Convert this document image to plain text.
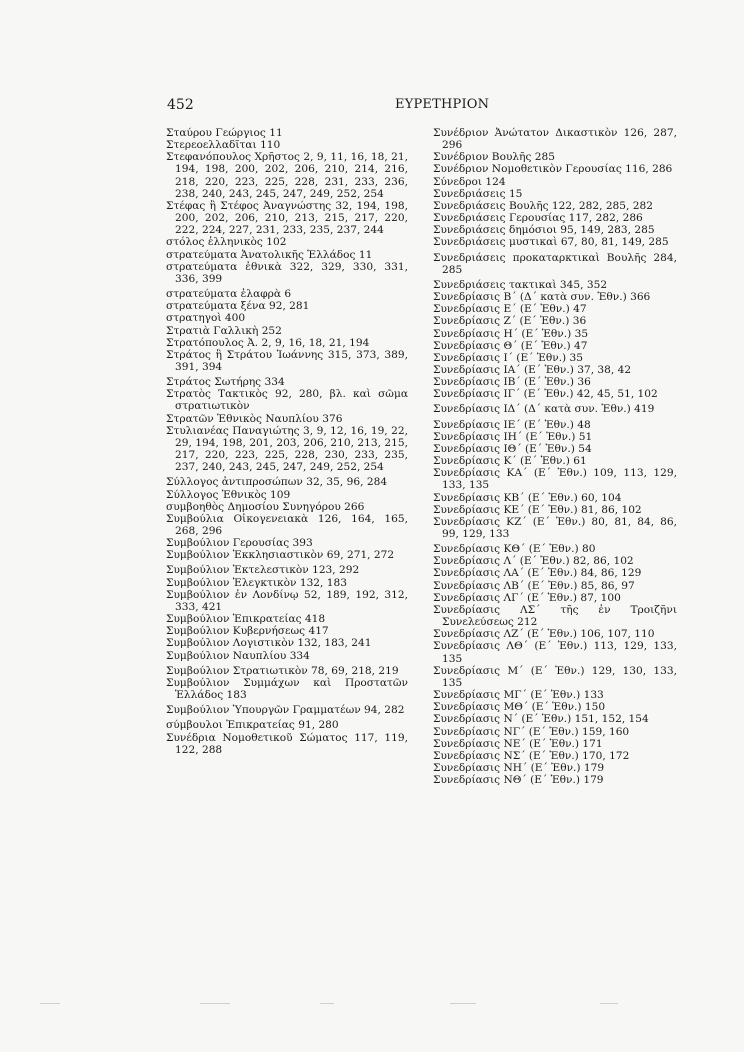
452	ΕΥΡΕΤΗΡΙΟΝ
Σταύρου Γεώργιος 11
Στερεοελλαδῖται 110
Στεφανόπουλος Χρῆστος 2, 9, 11, 16, 18, 21, 194, 198, 200, 202, 206, 210, 214, 216, 218, 220, 223, 225, 228, 231, 233, 236, 238, 240, 243, 245, 247, 249, 252, 254
Στέφας ἢ Στέφος Ἀναγνώστης 32, 194, 198, 200, 202, 206, 210, 213, 215, 217, 220, 222, 224, 227, 231, 233, 235, 237, 244
στόλος ἑλληνικὸς 102
στρατεύματα Ἀνατολικῆς Ἑλλάδος 11
στρατεύματα ἐθνικὰ 322, 329, 330, 331, 336, 399
στρατεύματα ἐλαφρὰ 6
στρατεύματα ξένα 92, 281
στρατηγοὶ 400
Στρατιὰ Γαλλικὴ 252
Στρατόπουλος Ἀ. 2, 9, 16, 18, 21, 194
Στράτος ἢ Στράτου Ἰωάννης 315, 373, 389, 391, 394
Στράτος Σωτήρης 334
Στρατὸς Τακτικὸς 92, 280, βλ. καὶ σῶμα στρατιωτικὸν
Στρατῶν Ἐθνικὸς Ναυπλίου 376
Στυλιανέας Παναγιώτης 3, 9, 12, 16, 19, 22, 29, 194, 198, 201, 203, 206, 210, 213, 215, 217, 220, 223, 225, 228, 230, 233, 235, 237, 240, 243, 245, 247, 249, 252, 254
Σύλλογος ἀντιπροσώπων 32, 35, 96, 284
Σύλλογος Ἐθνικὸς 109
συμβοηθὸς Δημοσίου Συνηγόρου 266
Συμβούλια Οἰκογενειακὰ 126, 164, 165, 268, 296
Συμβούλιον Γερουσίας 393
Συμβούλιον Ἐκκλησιαστικὸν 69, 271, 272
Συμβούλιον Ἐκτελεστικὸν 123, 292
Συμβούλιον Ἐλεγκτικὸν 132, 183
Συμβούλιον ἐν Λονδίνῳ 52, 189, 192, 312, 333, 421
Συμβούλιον Ἐπικρατείας 418
Συμβούλιον Κυβερνήσεως 417
Συμβούλιον Λογιστικὸν 132, 183, 241
Συμβούλιον Ναυπλίου 334
Συμβούλιον Στρατιωτικὸν 78, 69, 218, 219
Συμβούλιον Συμμάχων καὶ Προστατῶν Ἑλλάδος 183
Συμβούλιον Ὑπουργῶν Γραμματέων 94, 282
σύμβουλοι Ἐπικρατείας 91, 280
Συνέδρια Νομοθετικοῦ Σώματος 117, 119, 122, 288
Συνέδριον Ἀνώτατον Δικαστικὸν 126, 287, 296
Συνέδριον Βουλῆς 285
Συνέδριον Νομοθετικὸν Γερουσίας 116, 286
Σύνεδροι 124
Συνεδριάσεις 15
Συνεδριάσεις Βουλῆς 122, 282, 285, 282
Συνεδριάσεις Γερουσίας 117, 282, 286
Συνεδριάσεις δημόσιοι 95, 149, 283, 285
Συνεδριάσεις μυστικαὶ 67, 80, 81, 149, 285
Συνεδριάσεις προκαταρκτικαὶ Βουλῆς 284, 285
Συνεδριάσεις τακτικαὶ 345, 352
Συνεδρίασις Β΄ (Δ΄ κατὰ συν. Ἐθν.) 366
Συνεδρίασις Ε΄ (Ε΄ Ἐθν.) 47
Συνεδρίασις Ζ΄ (Ε΄ Ἐθν.) 36
Συνεδρίασις Η΄ (Ε΄ Ἐθν.) 35
Συνεδρίασις Θ΄ (Ε΄ Ἐθν.) 47
Συνεδρίασις Ι΄ (Ε΄ Ἐθν.) 35
Συνεδρίασις ΙΑ΄ (Ε΄ Ἐθν.) 37, 38, 42
Συνεδρίασις ΙΒ΄ (Ε΄ Ἐθν.) 36
Συνεδρίασις ΙΓ΄ (Ε΄ Ἐθν.) 42, 45, 51, 102
Συνεδρίασις ΙΔ΄ (Δ΄ κατὰ συν. Ἐθν.) 419
Συνεδρίασις ΙΕ΄ (Ε΄ Ἐθν.) 48
Συνεδρίασις ΙΗ΄ (Ε΄ Ἐθν.) 51
Συνεδρίασις ΙΘ΄ (Ε΄ Ἐθν.) 54
Συνεδρίασις Κ΄ (Ε΄ Ἐθν.) 61
Συνεδρίασις ΚΑ΄ (Ε΄ Ἐθν.) 109, 113, 129, 133, 135
Συνεδρίασις ΚΒ΄ (Ε΄ Ἐθν.) 60, 104
Συνεδρίασις ΚΕ΄ (Ε΄ Ἐθν.) 81, 86, 102
Συνεδρίασις ΚΖ΄ (Ε΄ Ἐθν.) 80, 81, 84, 86, 99, 129, 133
Συνεδρίασις ΚΘ΄ (Ε΄ Ἐθν.) 80
Συνεδρίασις Λ΄ (Ε΄ Ἐθν.) 82, 86, 102
Συνεδρίασις ΛΑ΄ (Ε΄ Ἐθν.) 84, 86, 129
Συνεδρίασις ΛΒ΄ (Ε΄ Ἐθν.) 85, 86, 97
Συνεδρίασις ΛΓ΄ (Ε΄ Ἐθν.) 87, 100
Συνεδρίασις ΛΣ΄ τῆς ἐν Τροιζῆνι Συνελεύσεως 212
Συνεδρίασις ΛΖ΄ (Ε΄ Ἐθν.) 106, 107, 110
Συνεδρίασις ΛΘ΄ (Ε΄ Ἐθν.) 113, 129, 133, 135
Συνεδρίασις Μ΄ (Ε΄ Ἐθν.) 129, 130, 133, 135
Συνεδρίασις ΜΓ΄ (Ε΄ Ἐθν.) 133
Συνεδρίασις ΜΘ΄ (Ε΄ Ἐθν.) 150
Συνεδρίασις Ν΄ (Ε΄ Ἐθν.) 151, 152, 154
Συνεδρίασις ΝΓ΄ (Ε΄ Ἐθν.) 159, 160
Συνεδρίασις ΝΕ΄ (Ε΄ Ἐθν.) 171
Συνεδρίασις ΝΣ΄ (Ε΄ Ἐθν.) 170, 172
Συνεδρίασις ΝΗ΄ (Ε΄ Ἐθν.) 179
Συνεδρίασις ΝΘ΄ (Ε΄ Ἐθν.) 179
